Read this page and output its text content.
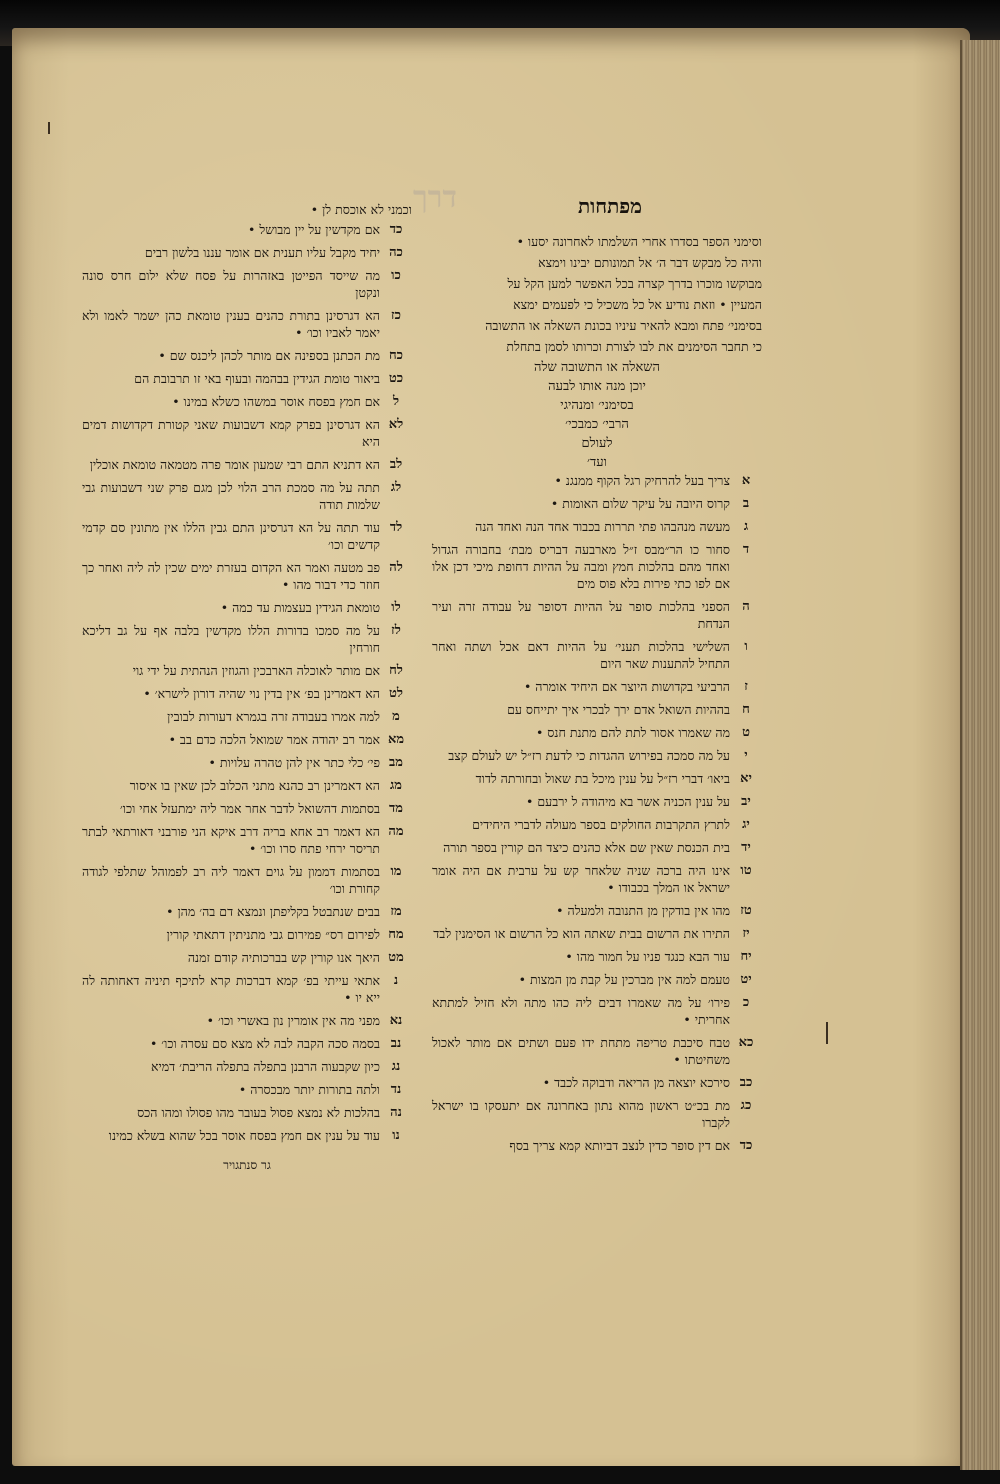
דרך	מפתחות
וסימני הספר בסדרו אחרי השלמתו לאחרונה יסעו •
והיה כל מבקש דבר ה׳ אל תמונותם יבינו וימצא
מבוקשו מוכרו בדרך קצרה בכל האפשר למען הקל על
המעיין • וזאת נודיע אל כל משכיל כי לפעמים ימצא
בסימני׳ פתח ומבא להאיר עיניו בכונת השאלה או התשובה
כי תחבר הסימנים את לבו לצורת וכרותו לסמן בתחלת
השאלה או התשובה שלה
יוכן מנה אותו לבעה
בסימני׳ ומנהיגי
הרבי׳ כמבכי׳
לעולם
ועד׳
א
צריך בעל להרחיק רגל הקוף ממנגנ •
ב
קרוס היובה על עיקר שלום האומות •
ג
מעשה מנהבהו פתי תררות בכבוד אחד הנה ואחד הנה
ד
סחור כו הר״מבס ז״ל מארבעה דבריס מבת׳ בחבורה הגדול ואחד מהם בהלכות חמץ ומבה על ההיות דחופת מיכי דכן אלו אם לפו כתי פירות בלא פוס מים
ה
הספני בהלכות סופר על ההיות דסופר על עבודה זרה ועיר הנדחת
ו
השלישי בהלכות תעני׳ על ההיות דאם אכל ושתה ואחר התחיל להתענות שאר היום
ז
הרביעי בקדושות היוצר אם היחיד אומרה •
ח
בההיות השואל אדם ירך לבכרי איך יתייחס עם
ט
מה שאמרו אסור לתת להם מתנת חנס •
י
על מה סמכה בפירוש ההגדות כי לדעת רז״ל יש לעולם קצב
יא
ביאו׳ דברי רז״ל על ענין מיכל בת שאול ובחורתה לדוד
יב
על ענין הכניה אשר בא מיהודה ל ירבעם •
יג
לתרץ התקרבות החולקים בספר מעולה לדברי היחידים
יד
בית הכנסת שאין שם אלא כהנים כיצד הם קורין בספר תורה
טו
אינו היה ברכה שניה שלאחר קש על ערבית אם היה אומר ישראל או המלך בכבודו •
טז
מהו אין בודקין מן התנובה ולמעלה •
יז
התירו את הרשום בבית שאתה הוא כל הרשום או הסימנין לבד
יח
עור הבא כנגד פניו על חמור מהו •
יט
טעמם למה אין מברכין על קבת מן המצות •
כ
פירו׳ על מה שאמרו דבים ליה כהו מתה ולא חזיל למתתא אחריתי •
כא
טבח סיכבת טריפה מתחת ידו פעם ושתים אם מותר לאכול משחיטתו •
כב
סירכא יוצאה מן הריאה ודבוקה לכבד •
כג
מת בכ״ט ראשון מהוא נתון באחרונה אם יתעסקו בו ישראל לקברו
כד
אם דין סופר כדין לנצב דביותא קמא צריך בסף
וכמני לא אוכסת לן •
כד
אם מקדשין על יין מבושל •
כה
יחיד מקבל עליו תענית אם אומר עננו בלשון רבים
כו
מה שייסד הפייטן באזהרות על פסח שלא ילום חרס סונה ונקטן
כז
הא דגרסינן בתורת כהנים בענין טומאת כהן ישמר לאמו ולא יאמר לאביו וכו׳ •
כח
מת הכתנן בספינה אם מותר לכהן ליכנס שם •
כט
ביאור טומת הגידין בבהמה ובעוף באי זו תרבובת הם
ל
אם חמץ בפסח אוסר במשהו כשלא במינו •
לא
הא דגרסינן בפרק קמא דשבועות שאני קטורת דקדושות דמים היא
לב
הא דתניא התם רבי שמעון אומר פרה מטמאה טומאת אוכלין
לג
תתה על מה סמכת הרב הלוי לכן מגם פרק שני דשבועות גבי שלמות תודה
לד
עוד תתה על הא דגרסינן התם גבין הללו אין מתונין סם קדמי קדשים וכו׳
לה
פב מטעה ואמר הא הקדום בעזרת ימים שכין לה ליה ואחר כך חוזר כדי דבור מהו •
לו
טומאת הגידין בעצמות עד כמה •
לז
על מה סמכו בדורות הללו מקדשין בלבה אף על גב דליכא חורחין
לח
אם מותר לאוכלה הארבכין והגוזין הנהתית על ידי גוי
לט
הא דאמרינן בפ׳ אין בדין נוי שהיה דורון לישרא׳ •
מ
למה אמרו בעבודה זרה בגמרא דעורות לבובין
מא
אמר רב יהודה אמר שמואל הלכה כדם בב •
מב
פי׳ כלי כתר אין להן טהרה עלויות •
מג
הא דאמרינן רב כהנא מתני הכלוב לכן שאין בו איסור
מד
בסתמות דהשואל לדבר אחר אמר ליה ימתעזל אחי וכו׳
מה
הא דאמר רב אחא בריה דרב איקא הני פורבני דאורתאי לבתר תריסר ירחי פתח סרו וכו׳ •
מו
בסתמות דממון על גוים דאמר ליה רב לפמוהל שתלפי לגודה קחורת וכו׳
מז
בבים שנתבטל בקליפתן ונמצא דם בה׳ מהן •
מח
לפירום רס״ פמירום גבי מתניתין דתאתי קורין
מט
היאך אנו קורין קש בברכותיה קודם זמנה
נ
אתאי עייתי בפ׳ קמא דברכות קרא לתיכף תיניה דאחותה לה ייא יו •
נא
מפני מה אין אומרין נון באשרי וכו׳ •
נב
בסמה סכה הקבה לבה לא מצא סם עסרה וכו׳ •
נג
כיון שקבעוה הרבנן בתפלה בתפלה הריבת׳ דמיא
נד
ולתה בתורות יותר מבכסרה •
נה
בהלכות לא נמצא פסול בעובר מהו פסולו ומהו הכס
נו
עוד על ענין אם חמץ בפסח אוסר בכל שהוא בשלא כמינו
גר סנתגויר
